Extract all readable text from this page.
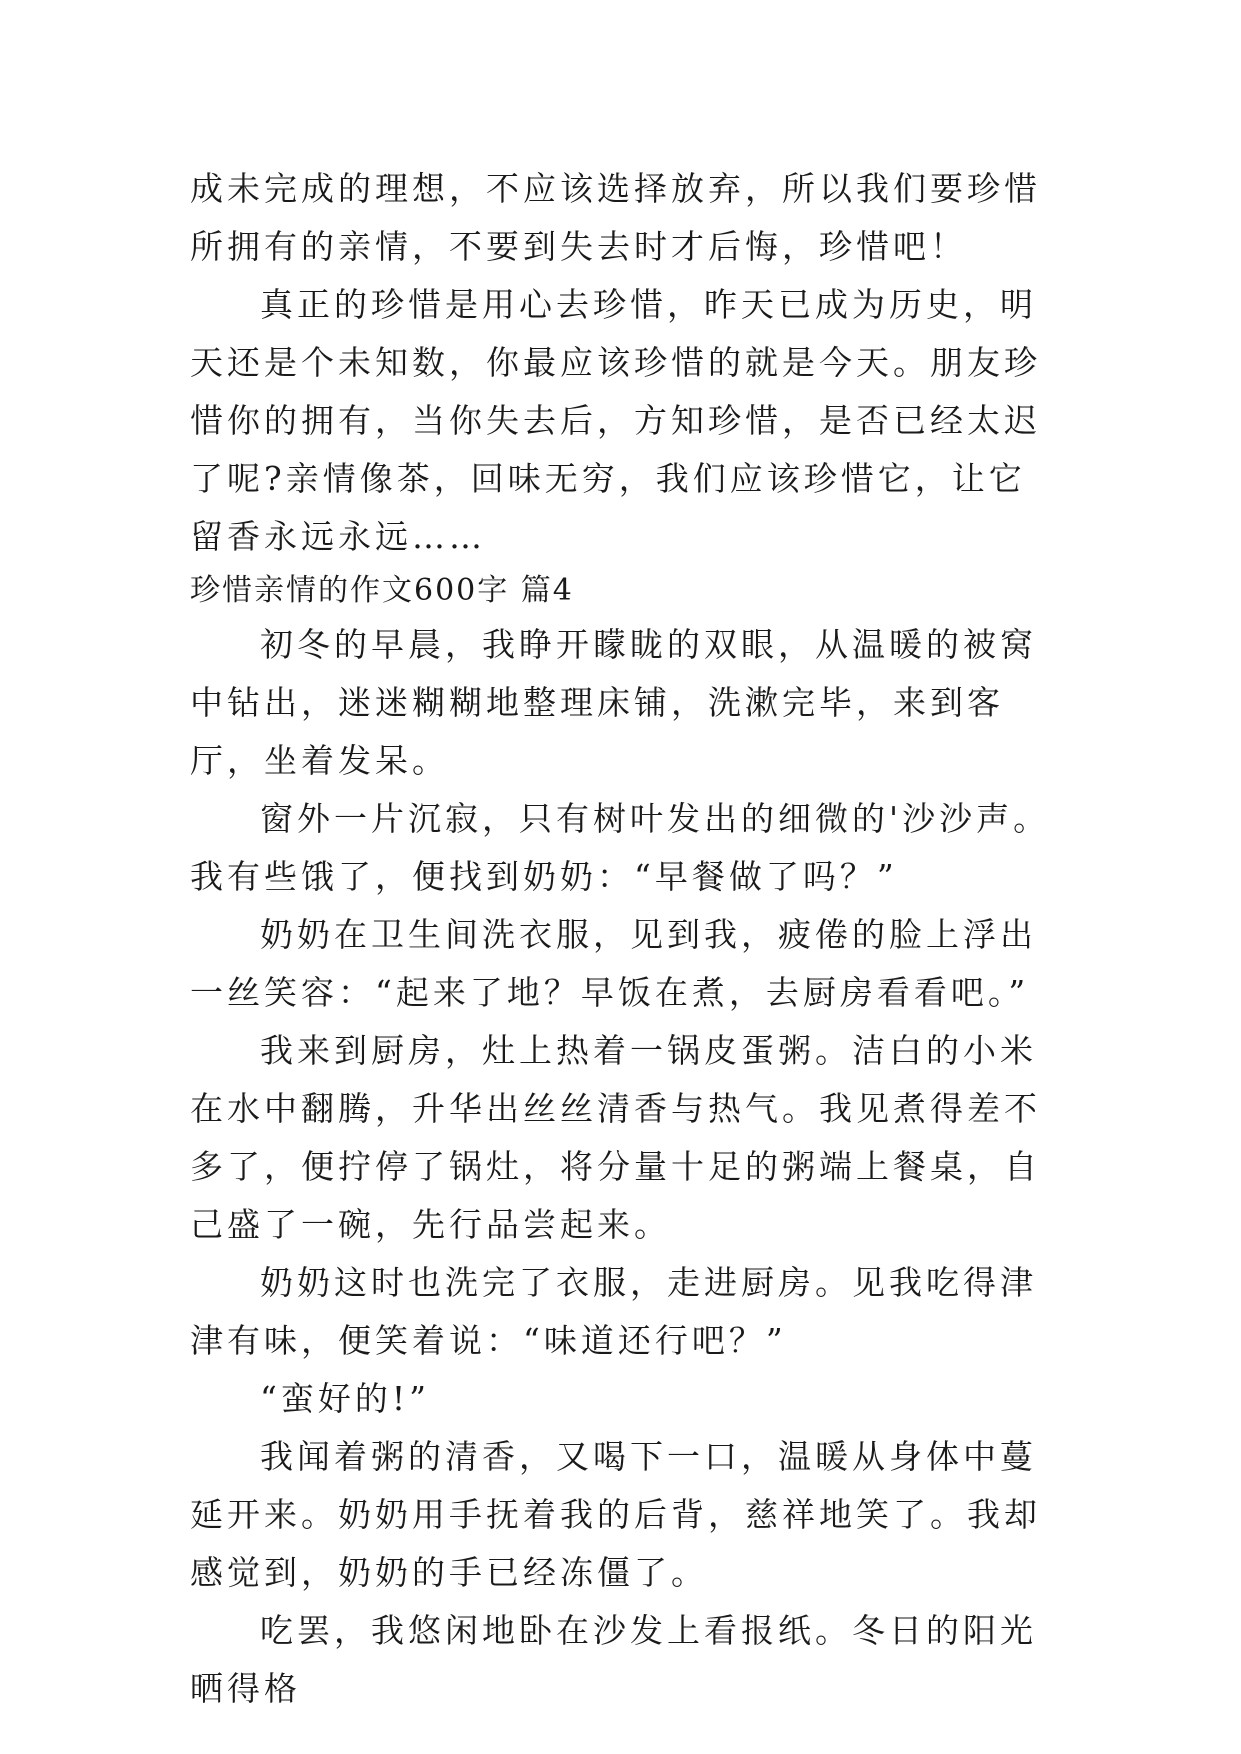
成未完成的理想，不应该选择放弃，所以我们要珍惜所拥有的亲情，不要到失去时才后悔，珍惜吧！

真正的珍惜是用心去珍惜，昨天已成为历史，明天还是个未知数，你最应该珍惜的就是今天。朋友珍惜你的拥有，当你失去后，方知珍惜，是否已经太迟了呢?亲情像茶，回味无穷，我们应该珍惜它，让它留香永远永远……

珍惜亲情的作文600字 篇4

初冬的早晨，我睁开矇眬的双眼，从温暖的被窝中钻出，迷迷糊糊地整理床铺，洗漱完毕，来到客厅，坐着发呆。

窗外一片沉寂，只有树叶发出的细微的'沙沙声。我有些饿了，便找到奶奶：“早餐做了吗？”

奶奶在卫生间洗衣服，见到我，疲倦的脸上浮出一丝笑容：“起来了地？早饭在煮，去厨房看看吧。”

我来到厨房，灶上热着一锅皮蛋粥。洁白的小米在水中翻腾，升华出丝丝清香与热气。我见煮得差不多了，便拧停了锅灶，将分量十足的粥端上餐桌，自己盛了一碗，先行品尝起来。

奶奶这时也洗完了衣服，走进厨房。见我吃得津津有味，便笑着说：“味道还行吧？”

“蛮好的!”

我闻着粥的清香，又喝下一口，温暖从身体中蔓延开来。奶奶用手抚着我的后背，慈祥地笑了。我却感觉到，奶奶的手已经冻僵了。

吃罢，我悠闲地卧在沙发上看报纸。冬日的阳光晒得格
